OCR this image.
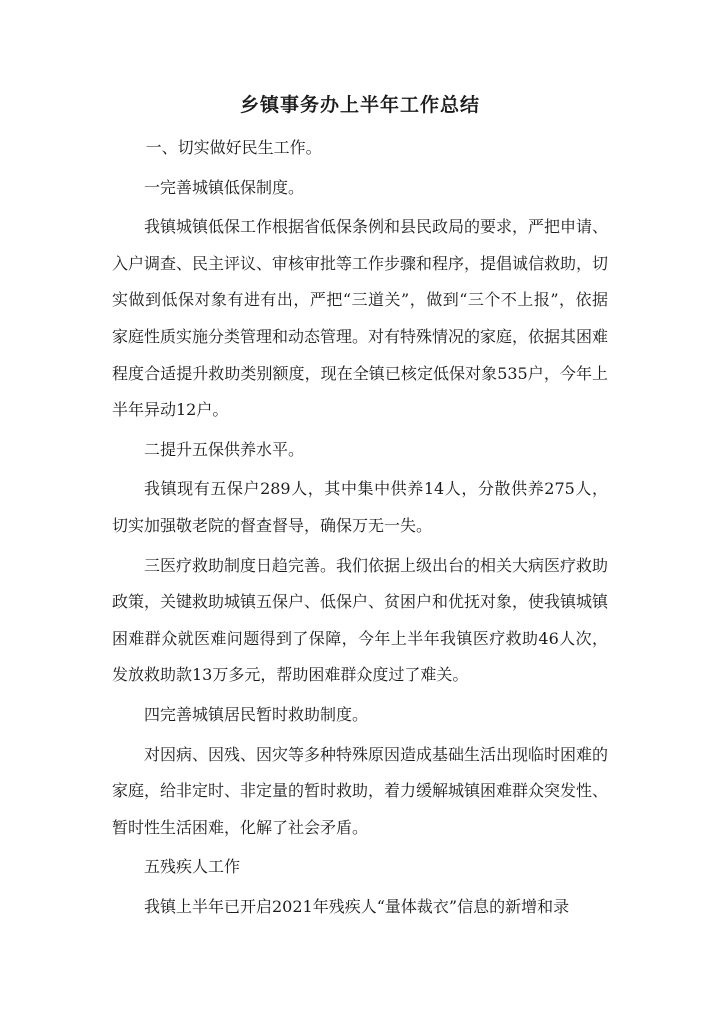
乡镇事务办上半年工作总结

一、切实做好民生工作。

一完善城镇低保制度。

我镇城镇低保工作根据省低保条例和县民政局的要求，严把申请、入户调查、民主评议、审核审批等工作步骤和程序，提倡诚信救助，切实做到低保对象有进有出，严把“三道关”，做到“三个不上报”，依据家庭性质实施分类管理和动态管理。对有特殊情况的家庭，依据其困难程度合适提升救助类别额度，现在全镇已核定低保对象535户，今年上半年异动12户。

二提升五保供养水平。

我镇现有五保户289人，其中集中供养14人，分散供养275人，切实加强敬老院的督查督导，确保万无一失。

三医疗救助制度日趋完善。我们依据上级出台的相关大病医疗救助政策，关键救助城镇五保户、低保户、贫困户和优抚对象，使我镇城镇困难群众就医难问题得到了保障，今年上半年我镇医疗救助46人次，发放救助款13万多元，帮助困难群众度过了难关。

四完善城镇居民暂时救助制度。

对因病、因残、因灾等多种特殊原因造成基础生活出现临时困难的家庭，给非定时、非定量的暂时救助，着力缓解城镇困难群众突发性、暂时性生活困难，化解了社会矛盾。

五残疾人工作

我镇上半年已开启2021年残疾人“量体裁衣”信息的新增和录
